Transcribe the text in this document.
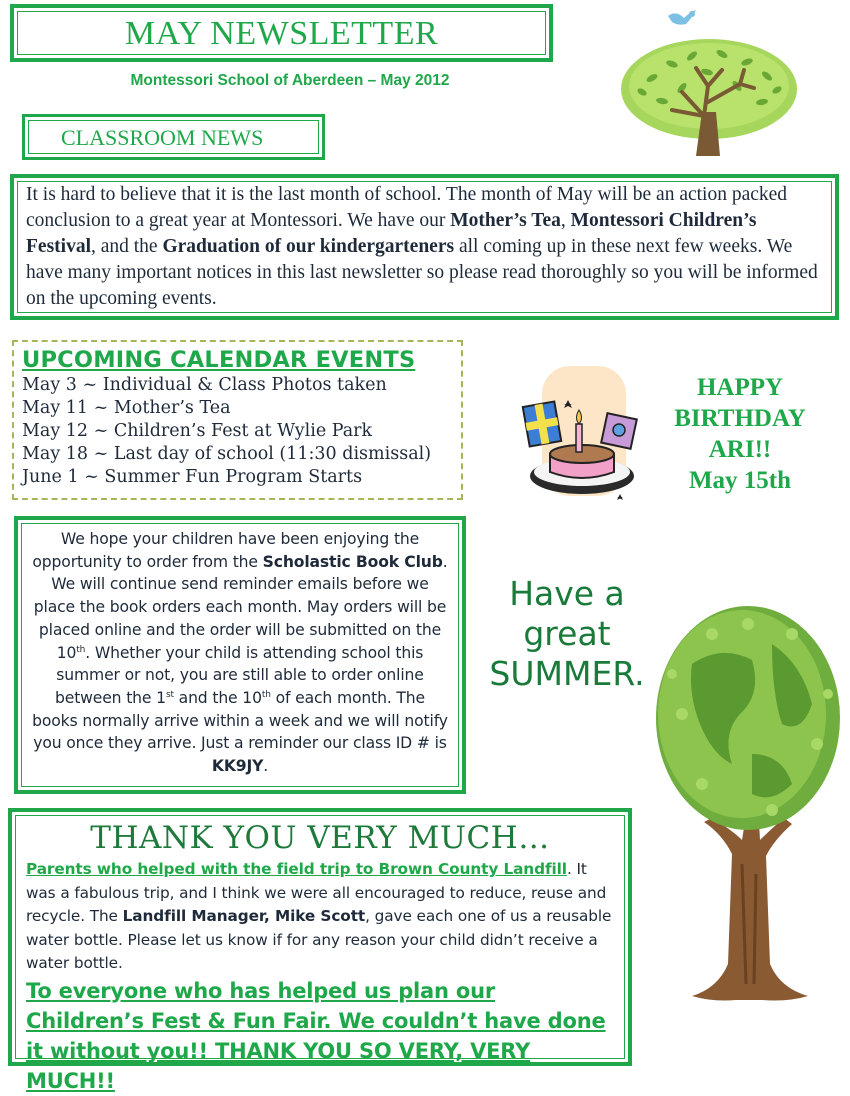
MAY NEWSLETTER
Montessori School of Aberdeen – May 2012
CLASSROOM NEWS

It is hard to believe that it is the last month of school. The month of May will be an action packed conclusion to a great year at Montessori. We have our Mother’s Tea, Montessori Children’s Festival, and the Graduation of our kindergarteners all coming up in these next few weeks. We have many important notices in this last newsletter so please read thoroughly so you will be informed on the upcoming events.

UPCOMING CALENDAR EVENTS
May 3 ~ Individual & Class Photos taken
May 11 ~ Mother’s Tea
May 12 ~ Children’s Fest at Wylie Park
May 18 ~ Last day of school (11:30 dismissal)
June 1 ~ Summer Fun Program Starts
HAPPY
BIRTHDAY
ARI!!
May 15th

We hope your children have been enjoying the opportunity to order from the Scholastic Book Club. We will continue send reminder emails before we place the book orders each month. May orders will be placed online and the order will be submitted on the 10th. Whether your child is attending school this summer or not, you are still able to order online between the 1st and the 10th of each month. The books normally arrive within a week and we will notify you once they arrive. Just a reminder our class ID # is KK9JY.

Have a
great
SUMMER.
THANK YOU VERY MUCH…

Parents who helped with the field trip to Brown County Landfill. It was a fabulous trip, and I think we were all encouraged to reduce, reuse and recycle. The Landfill Manager, Mike Scott, gave each one of us a reusable water bottle. Please let us know if for any reason your child didn’t receive a water bottle.

To everyone who has helped us plan our Children’s Fest & Fun Fair. We couldn’t have done it without you!! THANK YOU SO VERY, VERY MUCH!!
